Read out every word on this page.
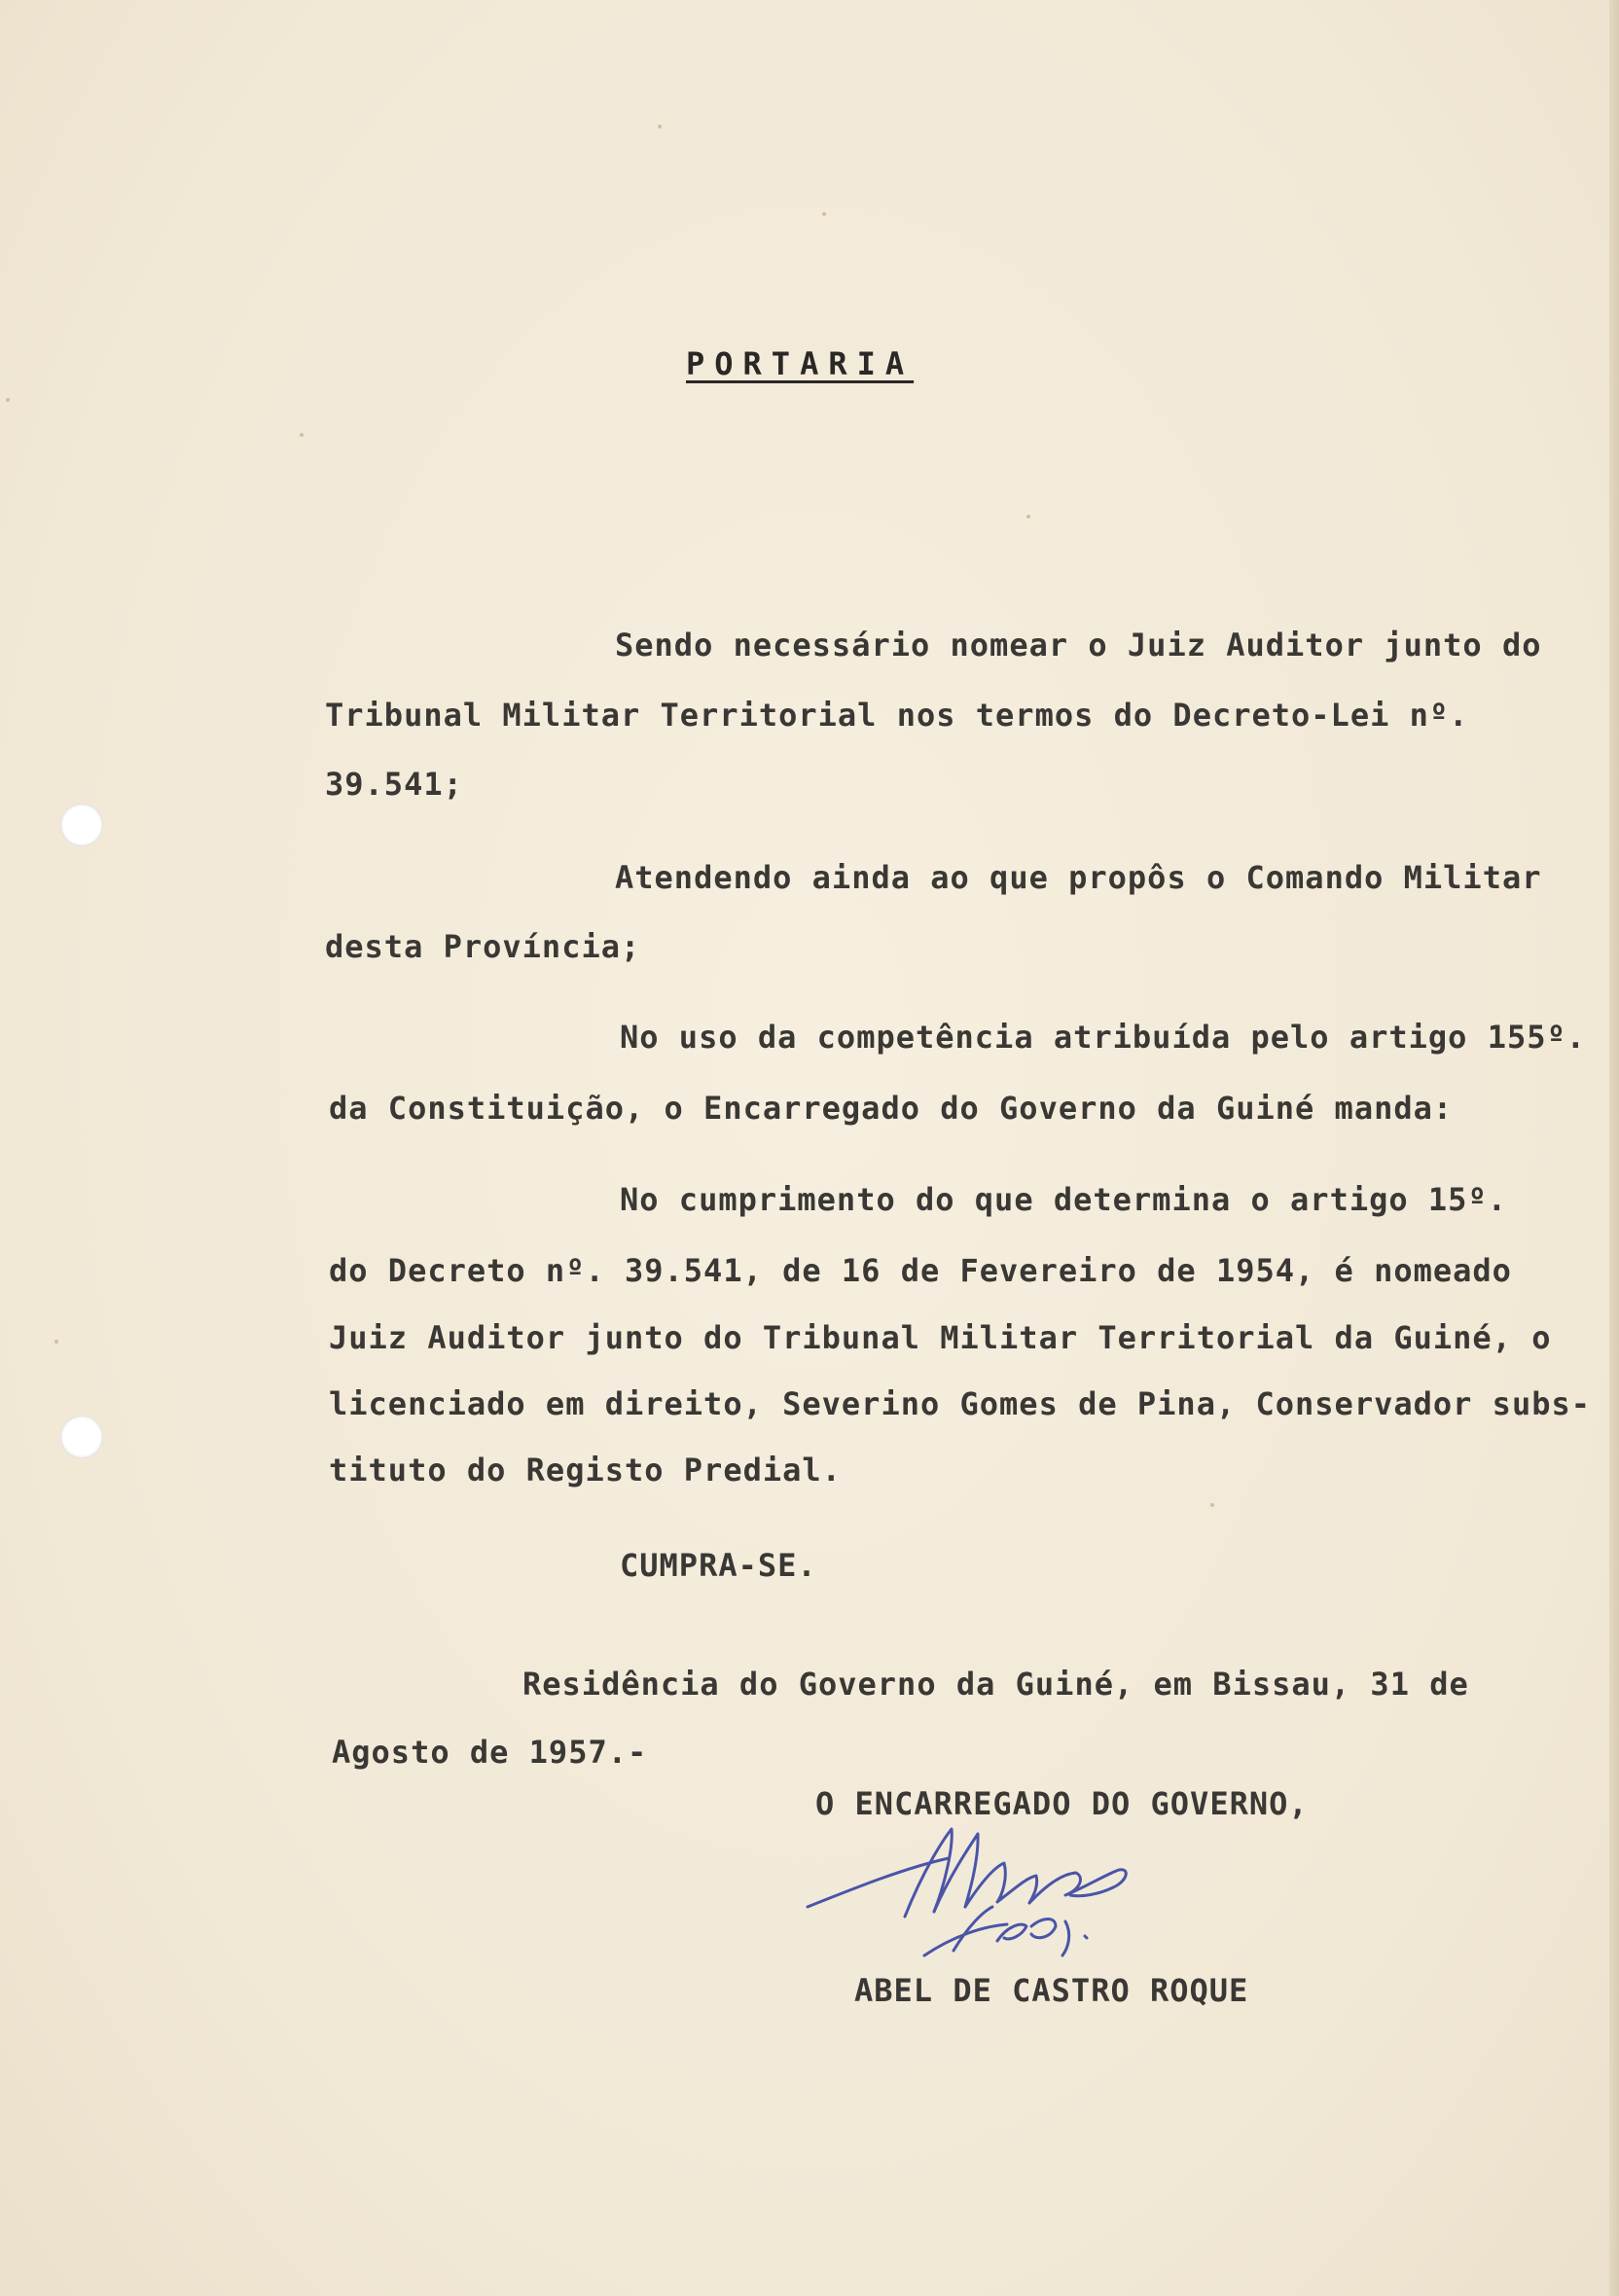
PORTARIA
Sendo necessário nomear o Juiz Auditor junto do
Tribunal Militar Territorial nos termos do Decreto-Lei nº.
39.541;
Atendendo ainda ao que propôs o Comando Militar
desta Província;
No uso da competência atribuída pelo artigo 155º.
da Constituição, o Encarregado do Governo da Guiné manda:
No cumprimento do que determina o artigo 15º.
do Decreto nº. 39.541, de 16 de Fevereiro de 1954, é nomeado
Juiz Auditor junto do Tribunal Militar Territorial da Guiné, o
licenciado em direito, Severino Gomes de Pina, Conservador subs-
tituto do Registo Predial.
CUMPRA-SE.
Residência do Governo da Guiné, em Bissau, 31 de
Agosto de 1957.-
O ENCARREGADO DO GOVERNO,
ABEL DE CASTRO ROQUE
